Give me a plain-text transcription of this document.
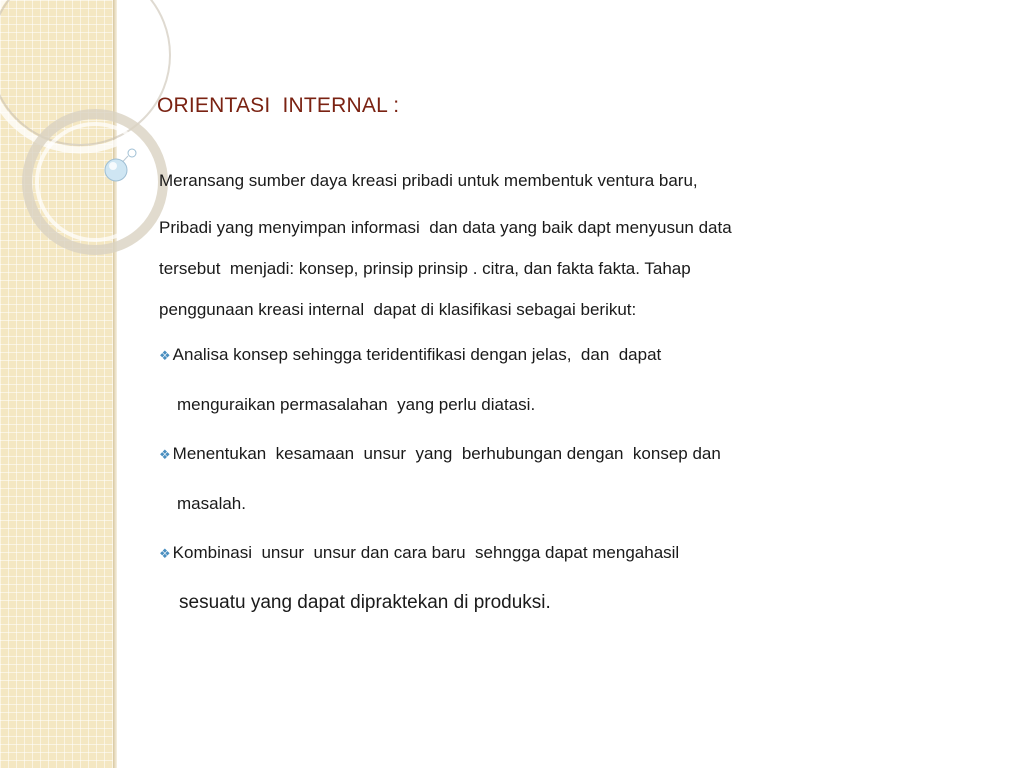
ORIENTASI  INTERNAL :

Meransang sumber daya kreasi pribadi untuk membentuk ventura baru,

Pribadi yang menyimpan informasi  dan data yang baik dapt menyusun data

tersebut  menjadi: konsep, prinsip prinsip . citra, dan fakta fakta. Tahap

penggunaan kreasi internal  dapat di klasifikasi sebagai berikut:

❖ Analisa konsep sehingga teridentifikasi dengan jelas,  dan  dapat

menguraikan permasalahan  yang perlu diatasi.

❖ Menentukan  kesamaan  unsur  yang  berhubungan dengan  konsep dan

masalah.

❖ Kombinasi  unsur  unsur dan cara baru  sehngga dapat mengahasil

sesuatu yang dapat dipraktekan di produksi.
